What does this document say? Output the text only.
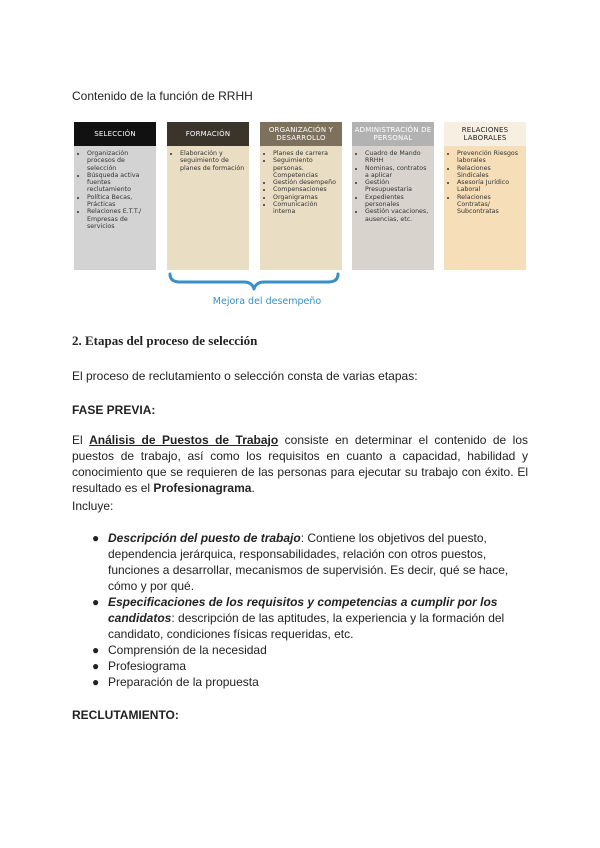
Contenido de la función de RRHH
SELECCIÓN
• Organización procesos de selección
• Búsqueda activa fuentes reclutamiento
• Política Becas, Prácticas
• Relaciones E.T.T./ Empresas de servicios
FORMACIÓN
• Elaboración y seguimiento de planes de formación
ORGANIZACIÓN Y DESARROLLO
• Planes de carrera
• Seguimiento personas. Competencias
• Gestión desempeño
• Compensaciones
• Organigramas
• Comunicación interna
ADMINISTRACIÓN DE PERSONAL
• Cuadro de Mando RRHH
• Nominas, contratos a aplicar
• Gestión Presupuestaria
• Expedientes personales
• Gestión vacaciones, ausencias, etc.
RELACIONES LABORALES
• Prevención Riesgos laborales
• Relaciones Sindicales
• Asesoría Jurídico Laboral
• Relaciones Contratas/ Subcontratas
Mejora del desempeño
2. Etapas del proceso de selección
El proceso de reclutamiento o selección consta de varias etapas:
FASE PREVIA:
El Análisis de Puestos de Trabajo consiste en determinar el contenido de los puestos de trabajo, así como los requisitos en cuanto a capacidad, habilidad y conocimiento que se requieren de las personas para ejecutar su trabajo con éxito. El resultado es el Profesionagrama.
Incluye:
● Descripción del puesto de trabajo: Contiene los objetivos del puesto, dependencia jerárquica, responsabilidades, relación con otros puestos, funciones a desarrollar, mecanismos de supervisión. Es decir, qué se hace, cómo y por qué.
● Especificaciones de los requisitos y competencias a cumplir por los candidatos: descripción de las aptitudes, la experiencia y la formación del candidato, condiciones físicas requeridas, etc.
● Comprensión de la necesidad
● Profesiograma
● Preparación de la propuesta
RECLUTAMIENTO:
